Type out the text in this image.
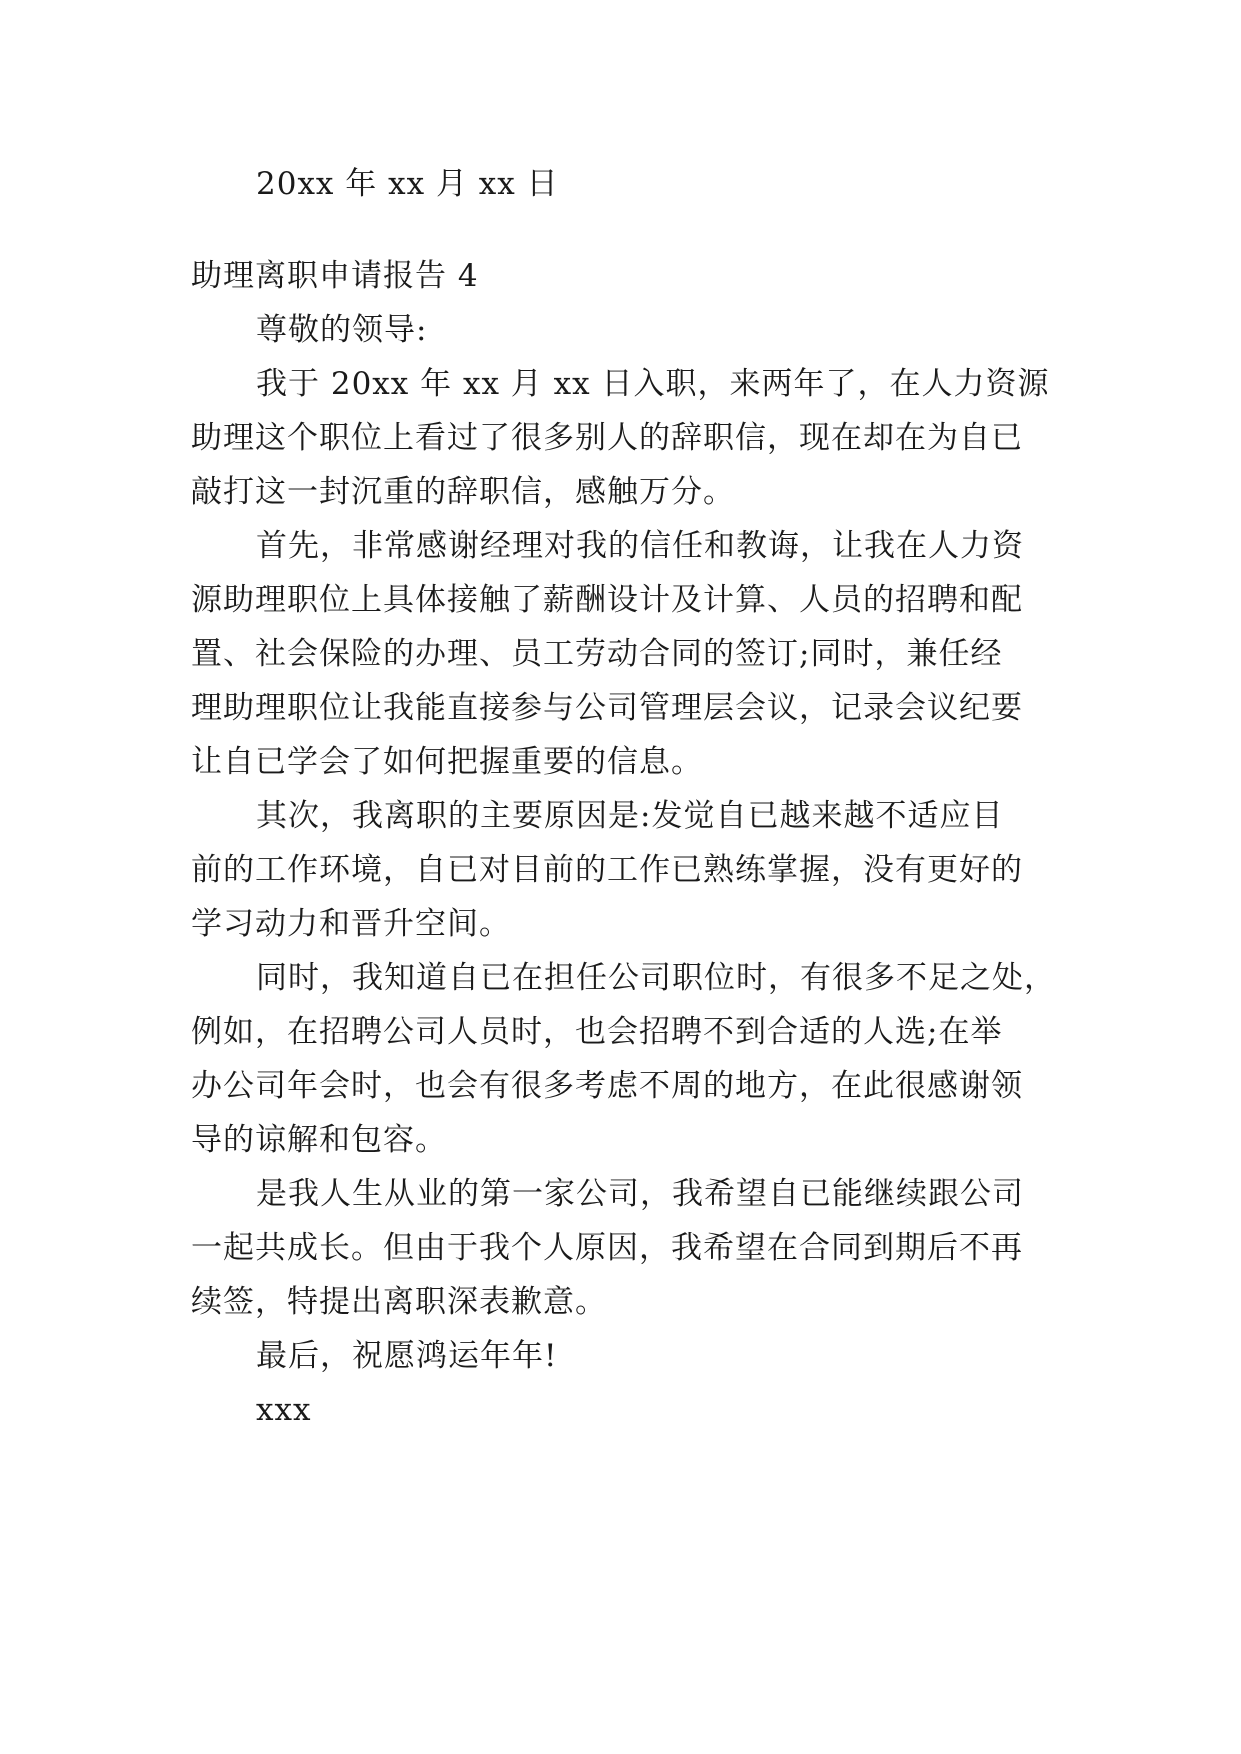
20xx 年 xx 月 xx 日
助理离职申请报告 4
尊敬的领导:
我于 20xx 年 xx 月 xx 日入职，来两年了，在人力资源
助理这个职位上看过了很多别人的辞职信，现在却在为自已
敲打这一封沉重的辞职信，感触万分。
首先，非常感谢经理对我的信任和教诲，让我在人力资
源助理职位上具体接触了薪酬设计及计算、人员的招聘和配
置、社会保险的办理、员工劳动合同的签订;同时，兼任经
理助理职位让我能直接参与公司管理层会议，记录会议纪要
让自已学会了如何把握重要的信息。
其次，我离职的主要原因是:发觉自已越来越不适应目
前的工作环境，自已对目前的工作已熟练掌握，没有更好的
学习动力和晋升空间。
同时，我知道自已在担任公司职位时，有很多不足之处，
例如，在招聘公司人员时，也会招聘不到合适的人选;在举
办公司年会时，也会有很多考虑不周的地方，在此很感谢领
导的谅解和包容。
是我人生从业的第一家公司，我希望自已能继续跟公司
一起共成长。但由于我个人原因，我希望在合同到期后不再
续签，特提出离职深表歉意。
最后，祝愿鸿运年年!
xxx
